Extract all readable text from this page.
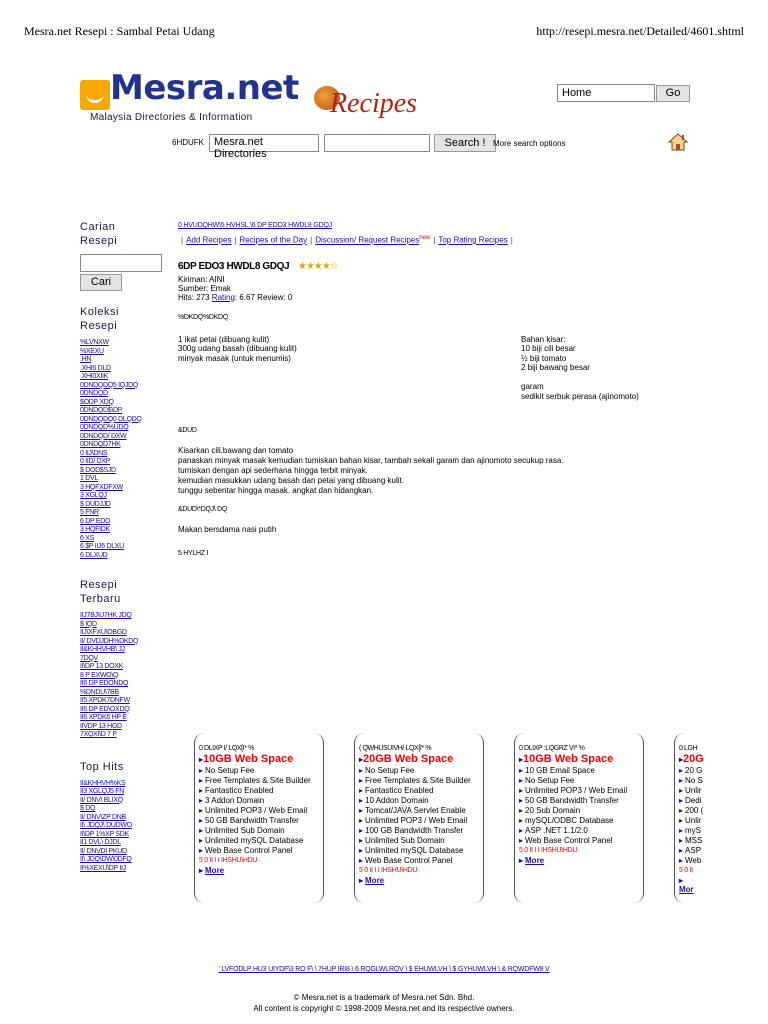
Mesra.net Resepi : Sambal Petai Udang	http://resepi.mesra.net/Detailed/4601.shtml
Mesra.net
Malaysia Directories & Information	Recipes	Home	Go
6HDUFK Mesra.net Directories
Search ! More search options
Carian
Resepi
Cari
Koleksi
Resepi
%LVNXW
%XEXU
.HN
.XHI6 DLD
.XHI0XIIK
0DNDQDQ5 IQJDQ
0DNDQD
$ODP XDQ
0DNDQD$\DP
0DNDQDQ0 DLQDQ
0DNDQD%UDQ
0DNDQD/ DXW
0DNDQD7HK
0 IIJ\DNS
0 IID/ DXP
$ DOD$SJD
1 DVL
3 HQFXDFXW
3 XGLQJ
$ DUDJJD
5 FNR
6 DP EDO
3 HQFIDK
6 XS
6 $P IIJ6 DLXU
6 DLXUD
Resepi
Terbaru
IIJ7BJ\U7HK JDQ
$ IQD
IIJ\XFXU\OBGD
II/ DVDJDH%DKDQ
II&KHHVHB\ JJ
7DQV
II\DP 13 DOXK
8 P EXWO\Q
II6 DP EDONDQ
%DNDU\7BB
II5 XPDK7DNFW
II6 DP ED\OXDQ
II6 XPDK6 HP E
IIVDP 13 HGD
7XQXI\D 7 P
Top Hits
II&KHHVH%KS
II3 XGLQJ5 FN
II/ DNV\ BLIXQ
$ DQ
II/ DNV\ZP DNB
II\ JDQJ\ DUDWO
II\DP 1%XP SDK
II1 DVL\ DJDL
II/ DNVDI PKUD
II\ JDQ\DW\0DFQ
II%XEXU\DP IIJ
0 HVUDQHW\5 HVHSL \6 DP EDO3 HWDL8 GDQJ
| Add Recipes | Recipes of the Day | Discussion/ Request Recipes$^{new}$ | Top Rating Recipes |
6DP EDO3 HWDL8 GDQJ ★★★★☆
Kiriman: AINI
Sumber: Emak
Hits: 273 Rating: 6.67 Review: 0
%DKDQ%DKDQ
1 ikat petai (dibuang kulit)
300g udang basah (dibuang kulit)
minyak masak (untuk menumis)
Bahan kisar:
10 biji cili besar
½ biji tomato
2 biji bawang besar
garam
sedikit serbuk perasa (ajinomoto)
&DUD
Kisarkan cili,bawang dan tomato
panaskan minyak masak kemudian tumiskan bahan kisar, tambah sekali garam dan ajinomoto secukup rasa.
tumiskan dengan api sederhana hingga terbit minyak.
kemudian masukkan udang basah dan petai yang dibuang kulit.
tunggu sebentar hingga masak. angkat dan hidangkan.
&DUD\*DQJ\ DQ
Makan bersdama nasi putih
5 HYLHZ I
0 DLIXP I/ LQX[I* %
▸10GB Web Space
▸ No Setup Fee
▸ Free Templates & Site Builder
▸ Fantastico Enabled
▸ 3 Addon Domain
▸ Unlimited POP3 / Web Email
▸ 50 GB Bandwidth Transfer
▸ Unlimited Sub Domain
▸ Unlimited mySQL Database
▸ Web Base Control Panel
5 0 II I I IHSHU\HDU
▸ More
( QWHUSUIVH/ LQX[I* %
▸20GB Web Space
▸ No Setup Fee
▸ Free Templates & Site Builder
▸ Fantastico Enabled
▸ 10 Addon Domain
▸ Tomcat/JAVA Servlet Enable
▸ Unlimited POP3 / Web Email
▸ 100 GB Bandwidth Transfer
▸ Unlimited Sub Domain
▸ Unlimited mySQL Database
▸ Web Base Control Panel
5 0 II I I IHSHU\HDU
▸ More
0 DLIXP :LQGRZ VI* %
▸10GB Web Space
▸ 10 GB Email Space
▸ No Setup Fee
▸ Unlimited POP3 / Web Email
▸ 50 GB Bandwidth Transfer
▸ 20 Sub Domain
▸ mySQL/ODBC Database
▸ ASP .NET 1.1/2.0
▸ Web Base Control Panel
5 0 II I I IHSHU\HDU
▸ More
0 LGH
▸20G
▸ 20 G
▸ No S
▸ Unlir
▸ Dedi
▸ 200 (
▸ Unlir
▸ myS
▸ MSS
▸ ASP
▸ Web
5 0 II
▸ Mor
' LVFODLP HU3 UIYDF\3 RO F\ \ 7HUP IRI8 \ 6 RQGLWLRQV \ $ EHUWLVH \ $ GYHUWLVH \ & RQWDFW8 V
© Mesra.net is a trademark of Mesra.net Sdn. Bhd.
All content is copyright © 1998-2009 Mesra.net and its respective owners.
